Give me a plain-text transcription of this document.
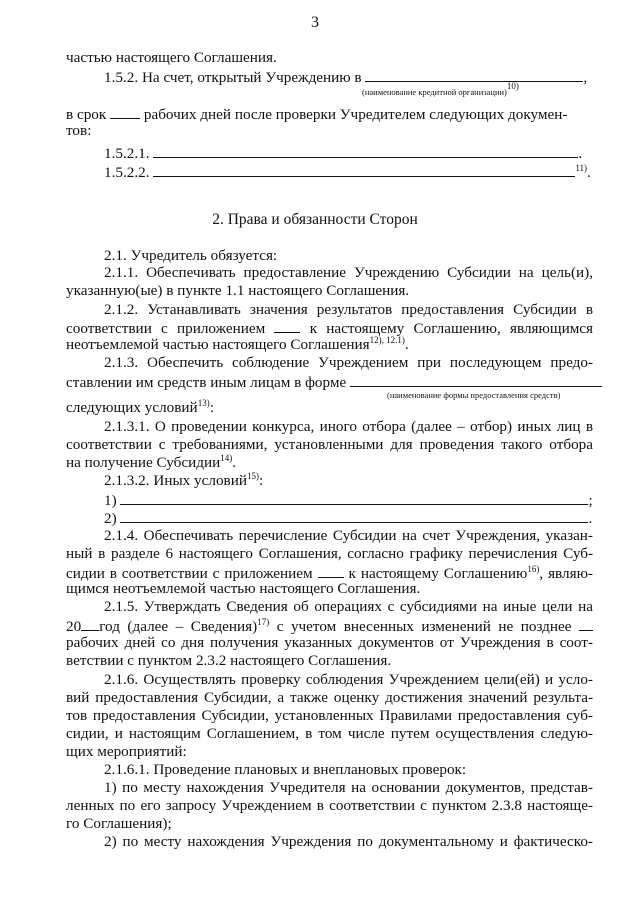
3
частью настоящего Соглашения.
1.5.2. На счет, открытый Учреждению в	,
(наименование кредитной организации)$^{10)}$
в срок рабочих дней после проверки Учредителем следующих докумен-
тов:
1.5.2.1.	.
1.5.2.2.	$^{11)}$.
2. Права и обязанности Сторон
2.1. Учредитель обязуется:
2.1.1. Обеспечивать предоставление Учреждению Субсидии на цель(и),
указанную(ые) в пункте 1.1 настоящего Соглашения.
2.1.2. Устанавливать значения результатов предоставления Субсидии в
соответствии с приложением	к настоящему Соглашению, являющимся
неотъемлемой частью настоящего Соглашения$^{12), 12.1)}$.
2.1.3. Обеспечить соблюдение Учреждением при последующем предо-
ставлении им средств иным лицам в форме
(наименование формы предоставления средств)
следующих условий$^{13)}$:
2.1.3.1. О проведении конкурса, иного отбора (далее – отбор) иных лиц в
соответствии с требованиями, установленными для проведения такого отбора
на получение Субсидии$^{14)}$.
2.1.3.2. Иных условий$^{15)}$:
1)	;
2)	.
2.1.4. Обеспечивать перечисление Субсидии на счет Учреждения, указан-
ный в разделе 6 настоящего Соглашения, согласно графику перечисления Суб-
сидии в соответствии с приложением к настоящему Соглашению$^{16)}$, являю-
щимся неотъемлемой частью настоящего Соглашения.
2.1.5. Утверждать Сведения об операциях с субсидиями на иные цели на
20 год (далее – Сведения)$^{17)}$ с учетом внесенных изменений не позднее
рабочих дней со дня получения указанных документов от Учреждения в соот-
ветствии с пунктом 2.3.2 настоящего Соглашения.
2.1.6. Осуществлять проверку соблюдения Учреждением цели(ей) и усло-
вий предоставления Субсидии, а также оценку достижения значений результа-
тов предоставления Субсидии, установленных Правилами предоставления суб-
сидии, и настоящим Соглашением, в том числе путем осуществления следую-
щих мероприятий:
2.1.6.1. Проведение плановых и внеплановых проверок:
1) по месту нахождения Учредителя на основании документов, представ-
ленных по его запросу Учреждением в соответствии с пунктом 2.3.8 настояще-
го Соглашения);
2) по месту нахождения Учреждения по документальному и фактическо-
